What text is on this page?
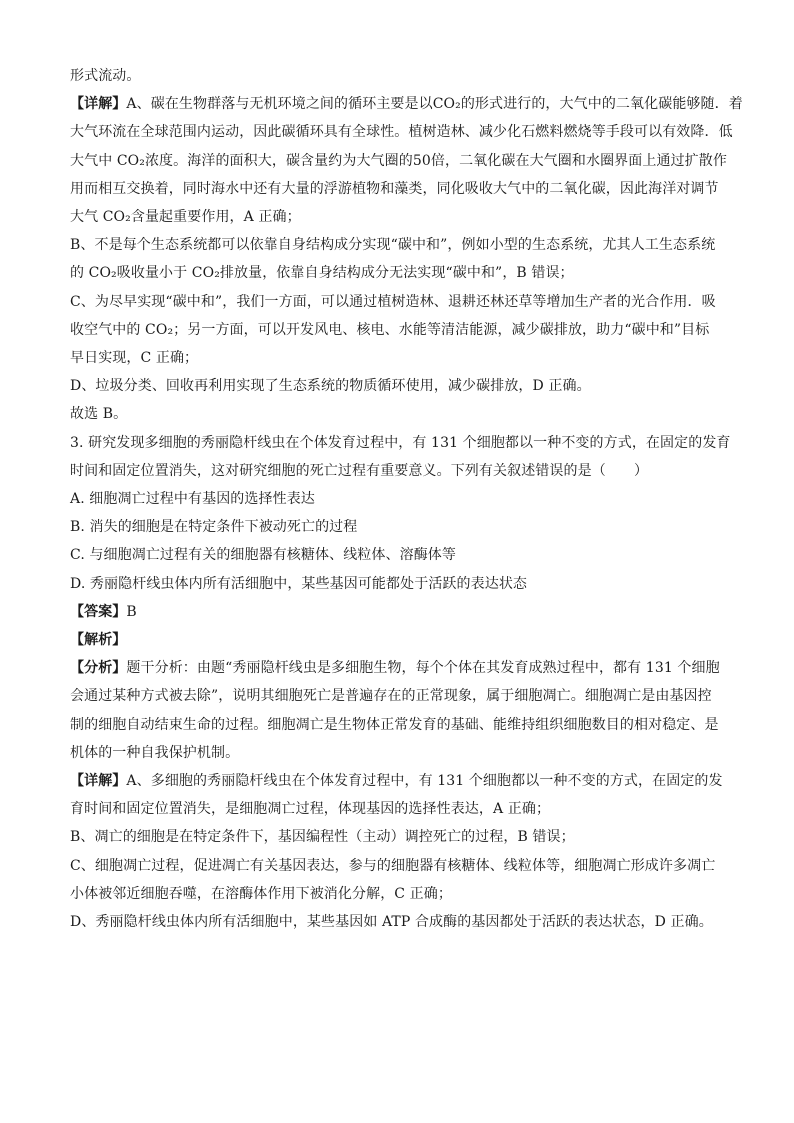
形式流动。
【详解】A、碳在生物群落与无机环境之间的循环主要是以CO₂的形式进行的，大气中的二氧化碳能够随．着
大气环流在全球范围内运动，因此碳循环具有全球性。植树造林、减少化石燃料燃烧等手段可以有效降．低
大气中 CO₂浓度。海洋的面积大，碳含量约为大气圈的50倍，二氧化碳在大气圈和水圈界面上通过扩散作
用而相互交换着，同时海水中还有大量的浮游植物和藻类，同化吸收大气中的二氧化碳，因此海洋对调节
大气 CO₂含量起重要作用，A 正确；
B、不是每个生态系统都可以依靠自身结构成分实现“碳中和”，例如小型的生态系统，尤其人工生态系统
的 CO₂吸收量小于 CO₂排放量，依靠自身结构成分无法实现“碳中和”，B 错误；
C、为尽早实现“碳中和”，我们一方面，可以通过植树造林、退耕还林还草等增加生产者的光合作用．吸
收空气中的 CO₂；另一方面，可以开发风电、核电、水能等清洁能源，减少碳排放，助力“碳中和”目标
早日实现，C 正确；
D、垃圾分类、回收再利用实现了生态系统的物质循环使用，减少碳排放，D 正确。
故选 B。
3. 研究发现多细胞的秀丽隐杆线虫在个体发育过程中，有 131 个细胞都以一种不变的方式，在固定的发育
时间和固定位置消失，这对研究细胞的死亡过程有重要意义。下列有关叙述错误的是（　　）
A. 细胞凋亡过程中有基因的选择性表达
B. 消失的细胞是在特定条件下被动死亡的过程
C. 与细胞凋亡过程有关的细胞器有核糖体、线粒体、溶酶体等
D. 秀丽隐杆线虫体内所有活细胞中，某些基因可能都处于活跃的表达状态
【答案】B
【解析】
【分析】题干分析：由题“秀丽隐杆线虫是多细胞生物，每个个体在其发育成熟过程中，都有 131 个细胞
会通过某种方式被去除”，说明其细胞死亡是普遍存在的正常现象，属于细胞凋亡。细胞凋亡是由基因控
制的细胞自动结束生命的过程。细胞凋亡是生物体正常发育的基础、能维持组织细胞数目的相对稳定、是
机体的一种自我保护机制。
【详解】A、多细胞的秀丽隐杆线虫在个体发育过程中，有 131 个细胞都以一种不变的方式，在固定的发
育时间和固定位置消失，是细胞凋亡过程，体现基因的选择性表达，A 正确；
B、凋亡的细胞是在特定条件下，基因编程性（主动）调控死亡的过程，B 错误；
C、细胞凋亡过程，促进凋亡有关基因表达，参与的细胞器有核糖体、线粒体等，细胞凋亡形成许多凋亡
小体被邻近细胞吞噬，在溶酶体作用下被消化分解，C 正确；
D、秀丽隐杆线虫体内所有活细胞中，某些基因如 ATP 合成酶的基因都处于活跃的表达状态，D 正确。
